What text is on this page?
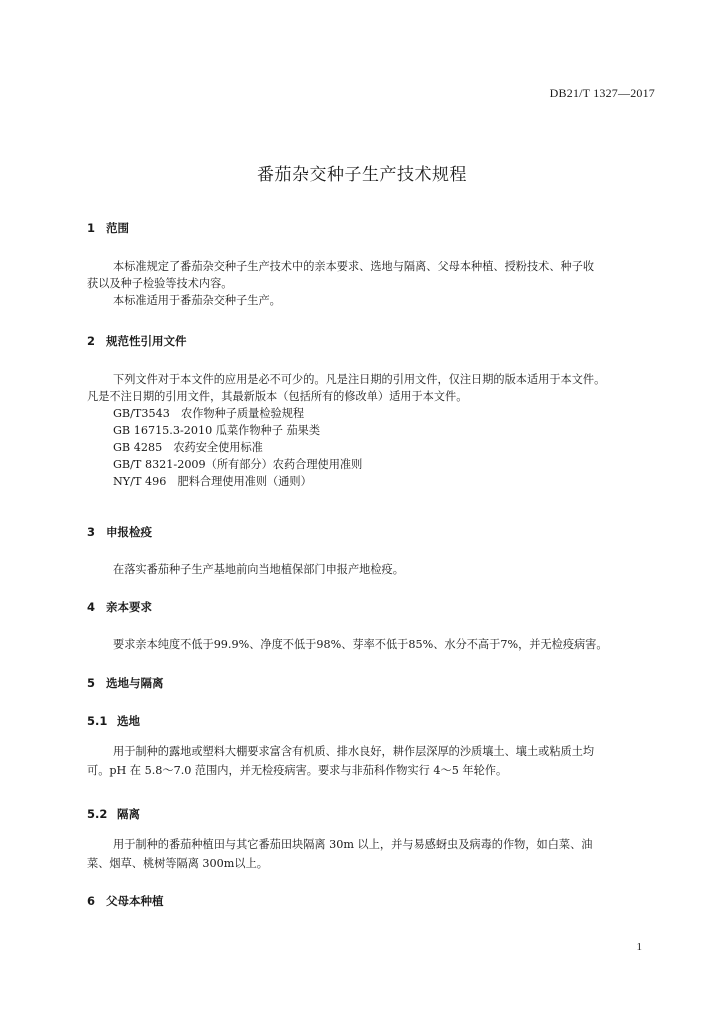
DB21/T 1327—2017
番茄杂交种子生产技术规程
1 范围
本标准规定了番茄杂交种子生产技术中的亲本要求、选地与隔离、父母本种植、授粉技术、种子收
获以及种子检验等技术内容。
本标准适用于番茄杂交种子生产。
2 规范性引用文件
下列文件对于本文件的应用是必不可少的。凡是注日期的引用文件，仅注日期的版本适用于本文件。
凡是不注日期的引用文件，其最新版本（包括所有的修改单）适用于本文件。
GB/T3543　农作物种子质量检验规程
GB 16715.3-2010 瓜菜作物种子 茄果类
GB 4285　农药安全使用标准
GB/T 8321-2009（所有部分）农药合理使用准则
NY/T 496　肥料合理使用准则（通则）
3 申报检疫
在落实番茄种子生产基地前向当地植保部门申报产地检疫。
4 亲本要求
要求亲本纯度不低于99.9%、净度不低于98%、芽率不低于85%、水分不高于7%，并无检疫病害。
5 选地与隔离
5.1 选地
用于制种的露地或塑料大棚要求富含有机质、排水良好，耕作层深厚的沙质壤土、壤土或粘质土均
可。pH 在 5.8～7.0 范围内，并无检疫病害。要求与非茄科作物实行 4～5 年轮作。
5.2 隔离
用于制种的番茄种植田与其它番茄田块隔离 30m 以上，并与易感蚜虫及病毒的作物，如白菜、油
菜、烟草、桃树等隔离 300m以上。
6 父母本种植
1
